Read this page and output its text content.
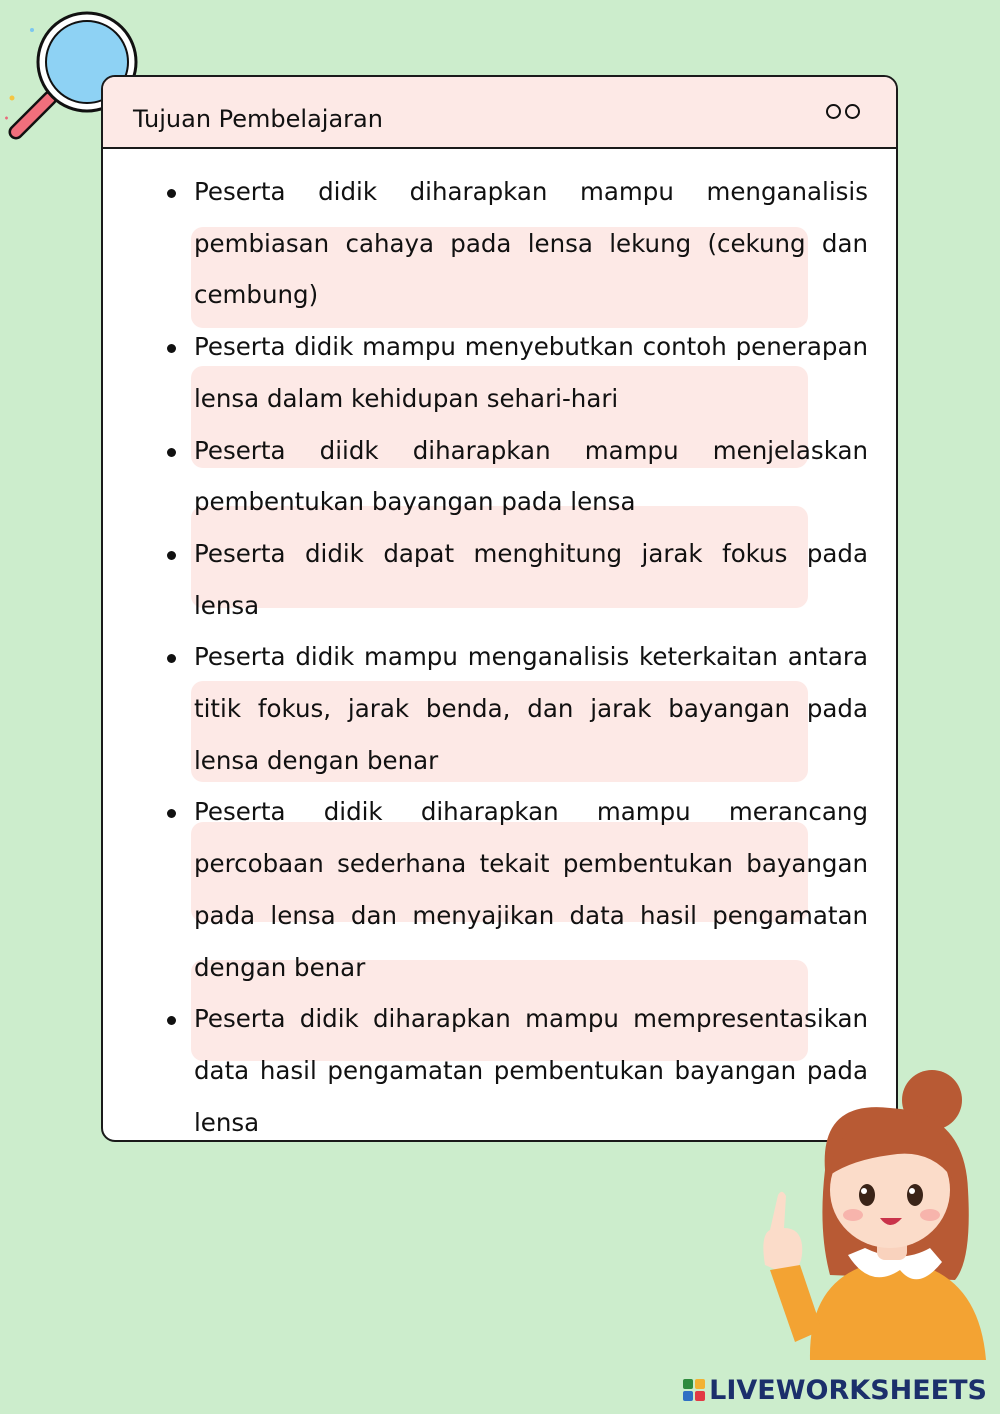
Tujuan Pembelajaran
Peserta didik diharapkan mampu menganalisis pembiasan cahaya pada lensa lekung (cekung dan cembung)
Peserta didik mampu menyebutkan contoh penerapan lensa dalam kehidupan sehari-hari
Peserta diidk diharapkan mampu menjelaskan pembentukan bayangan pada lensa
Peserta didik dapat menghitung jarak fokus pada lensa
Peserta didik mampu menganalisis keterkaitan antara titik fokus, jarak benda, dan jarak bayangan pada lensa dengan benar
Peserta didik diharapkan mampu merancang percobaan sederhana tekait pembentukan bayangan pada lensa dan menyajikan data hasil pengamatan dengan benar
Peserta didik diharapkan mampu mempresentasikan data hasil pengamatan pembentukan bayangan pada lensa
LIVEWORKSHEETS
